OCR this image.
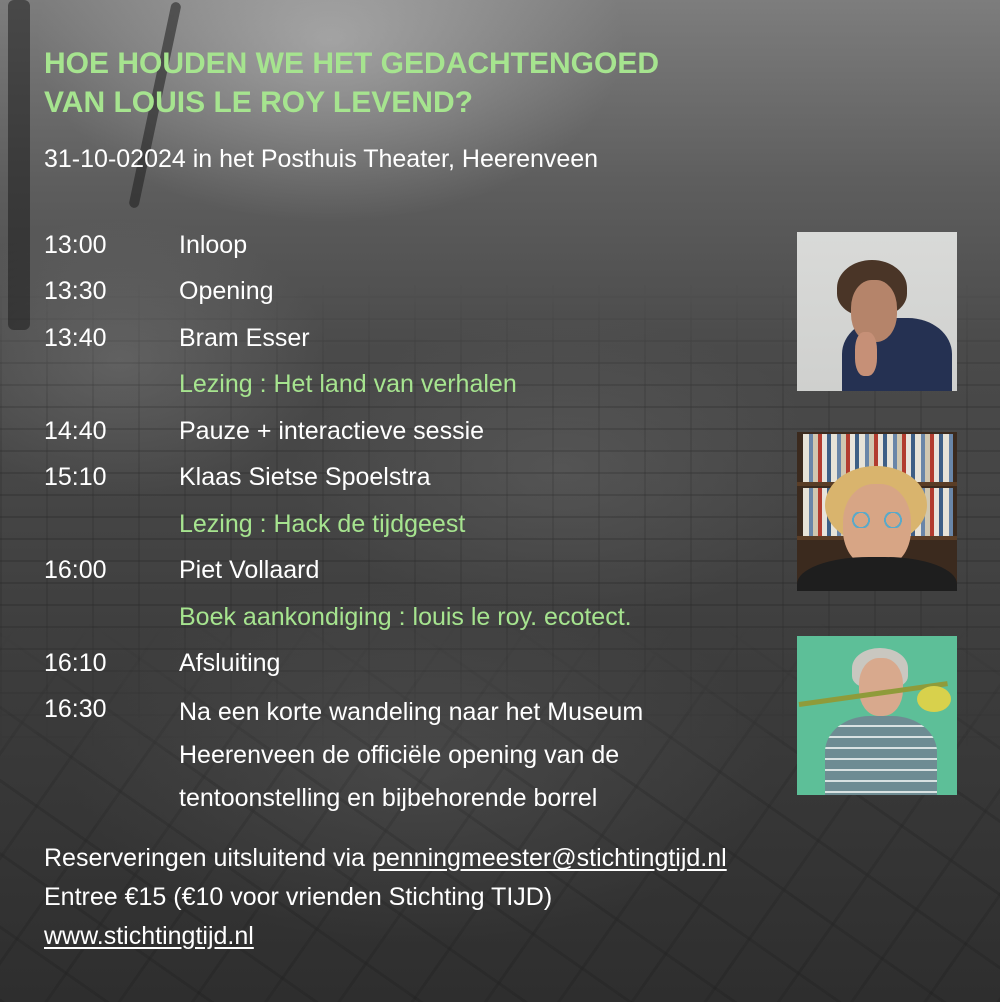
HOE HOUDEN WE HET GEDACHTENGOED
VAN LOUIS LE ROY LEVEND?

31-10-02024 in het Posthuis Theater, Heerenveen

13:00	Inloop
13:30	Opening
13:40	Bram Esser
Lezing : Het land van verhalen
14:40	Pauze + interactieve sessie
15:10	Klaas Sietse Spoelstra
Lezing : Hack de tijdgeest
16:00	Piet Vollaard
Boek aankondiging : louis le roy. ecotect.
16:10	Afsluiting
16:30	Na een korte wandeling naar het Museum
Heerenveen de officiële opening van de
tentoonstelling en bijbehorende borrel
Reserveringen uitsluitend via penningmeester@stichtingtijd.nl
Entree €15 (€10 voor vrienden Stichting TIJD)
www.stichtingtijd.nl
